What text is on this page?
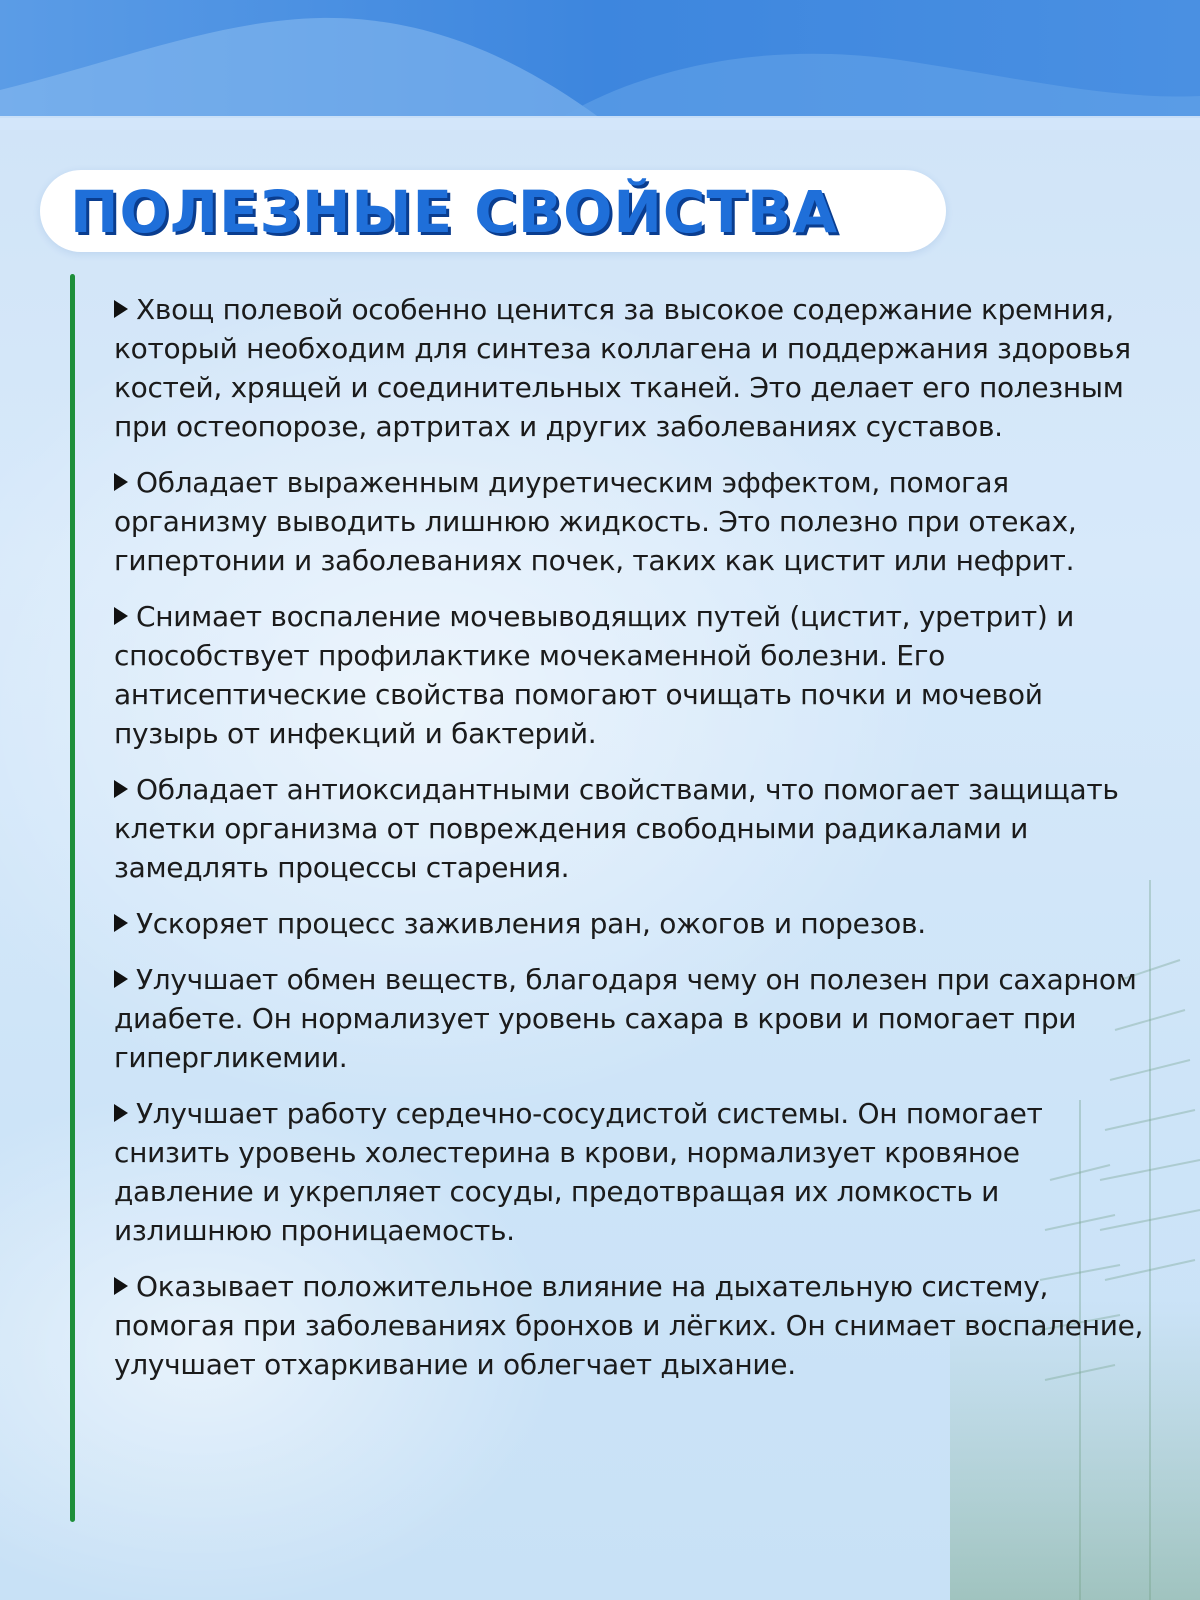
ПОЛЕЗНЫЕ СВОЙСТВА

Хвощ полевой особенно ценится за высокое содержание кремния, который необходим для синтеза коллагена и поддержания здоровья костей, хрящей и соединительных тканей. Это делает его полезным при остеопорозе, артритах и других заболеваниях суставов.

Обладает выраженным диуретическим эффектом, помогая организму выводить лишнюю жидкость. Это полезно при отеках, гипертонии и заболеваниях почек, таких как цистит или нефрит.

Снимает воспаление мочевыводящих путей (цистит, уретрит) и способствует профилактике мочекаменной болезни. Его антисептические свойства помогают очищать почки и мочевой пузырь от инфекций и бактерий.

Обладает антиоксидантными свойствами, что помогает защищать клетки организма от повреждения свободными радикалами и замедлять процессы старения.

Ускоряет процесс заживления ран, ожогов и порезов.

Улучшает обмен веществ, благодаря чему он полезен при сахарном диабете. Он нормализует уровень сахара в крови и помогает при гипергликемии.

Улучшает работу сердечно-сосудистой системы. Он помогает снизить уровень холестерина в крови, нормализует кровяное давление и укрепляет сосуды, предотвращая их ломкость и излишнюю проницаемость.

Оказывает положительное влияние на дыхательную систему, помогая при заболеваниях бронхов и лёгких. Он снимает воспаление, улучшает отхаркивание и облегчает дыхание.
